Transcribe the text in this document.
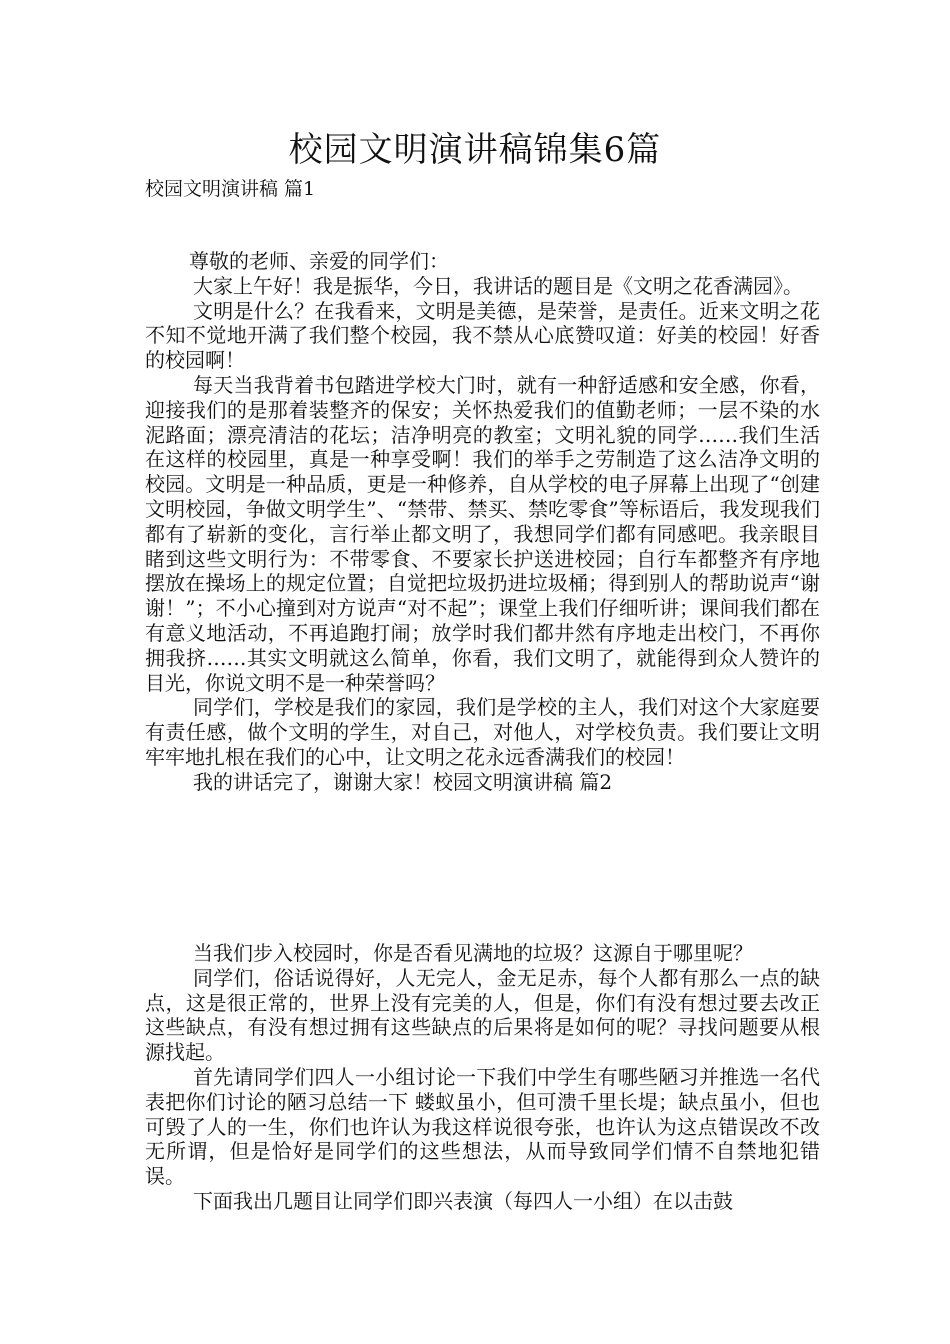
校园文明演讲稿锦集6篇
校园文明演讲稿 篇1

尊敬的老师、亲爱的同学们：

大家上午好！我是振华，今日，我讲话的题目是《文明之花香满园》。

文明是什么？在我看来，文明是美德，是荣誉，是责任。近来文明之花不知不觉地开满了我们整个校园，我不禁从心底赞叹道：好美的校园！好香的校园啊！

每天当我背着书包踏进学校大门时，就有一种舒适感和安全感，你看，迎接我们的是那着装整齐的保安；关怀热爱我们的值勤老师；一层不染的水泥路面；漂亮清洁的花坛；洁净明亮的教室；文明礼貌的同学……我们生活在这样的校园里，真是一种享受啊！我们的举手之劳制造了这么洁净文明的校园。文明是一种品质，更是一种修养，自从学校的电子屏幕上出现了“创建文明校园，争做文明学生”、“禁带、禁买、禁吃零食”等标语后，我发现我们都有了崭新的变化，言行举止都文明了，我想同学们都有同感吧。我亲眼目睹到这些文明行为：不带零食、不要家长护送进校园；自行车都整齐有序地摆放在操场上的规定位置；自觉把垃圾扔进垃圾桶；得到别人的帮助说声“谢谢！”；不小心撞到对方说声“对不起”；课堂上我们仔细听讲；课间我们都在有意义地活动，不再追跑打闹；放学时我们都井然有序地走出校门，不再你拥我挤……其实文明就这么简单，你看，我们文明了，就能得到众人赞许的目光，你说文明不是一种荣誉吗？

同学们，学校是我们的家园，我们是学校的主人，我们对这个大家庭要有责任感，做个文明的学生，对自己，对他人，对学校负责。我们要让文明牢牢地扎根在我们的心中，让文明之花永远香满我们的校园！

我的讲话完了，谢谢大家！校园文明演讲稿 篇2

当我们步入校园时，你是否看见满地的垃圾？这源自于哪里呢？

同学们，俗话说得好，人无完人，金无足赤，每个人都有那么一点的缺点，这是很正常的，世界上没有完美的人，但是，你们有没有想过要去改正这些缺点，有没有想过拥有这些缺点的后果将是如何的呢？寻找问题要从根源找起。

首先请同学们四人一小组讨论一下我们中学生有哪些陋习并推选一名代表把你们讨论的陋习总结一下 蝼蚁虽小，但可溃千里长堤；缺点虽小，但也可毁了人的一生，你们也许认为我这样说很夸张，也许认为这点错误改不改无所谓，但是恰好是同学们的这些想法，从而导致同学们情不自禁地犯错误。

下面我出几题目让同学们即兴表演（每四人一小组）在以击鼓
